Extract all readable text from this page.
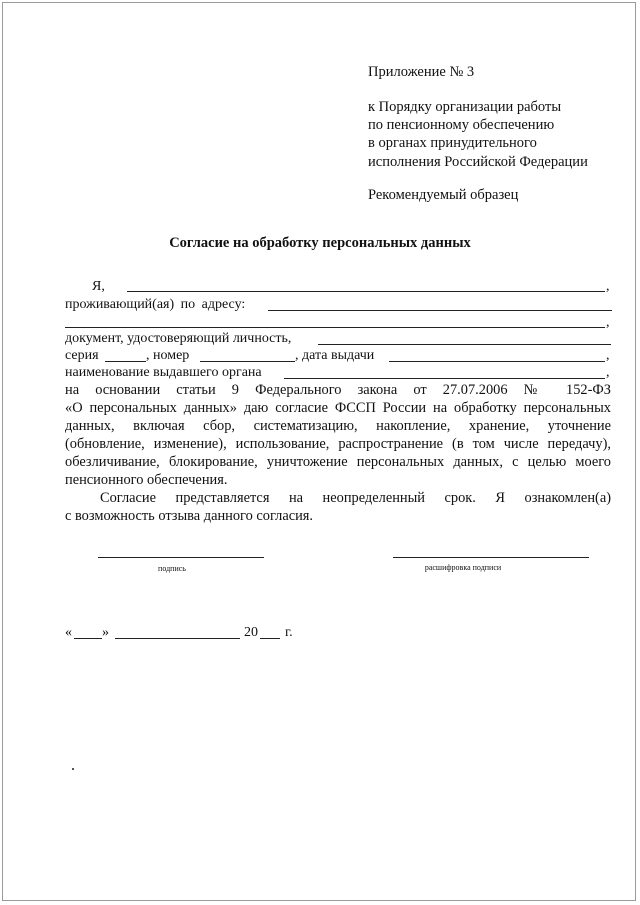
Приложение № 3
к Порядку организации работы
по пенсионному обеспечению
в органах принудительного
исполнения Российской Федерации
Рекомендуемый образец
Согласие на обработку персональных данных
Я,	,
проживающий(ая) по адресу:
,
документ, удостоверяющий личность,
серия	, номер	, дата выдачи	,
наименование выдавшего органа	,
на основании статьи 9 Федерального закона от 27.07.2006 № 152-ФЗ
«О персональных данных» даю согласие ФССП России на обработку персональных
данных, включая сбор, систематизацию, накопление, хранение, уточнение
(обновление, изменение), использование, распространение (в том числе передачу),
обезличивание, блокирование, уничтожение персональных данных, с целью моего
пенсионного обеспечения.
Согласие представляется на неопределенный срок. Я ознакомлен(а)
с возможность отзыва данного согласия.
подпись	расшифровка подписи
« »	20 г.
